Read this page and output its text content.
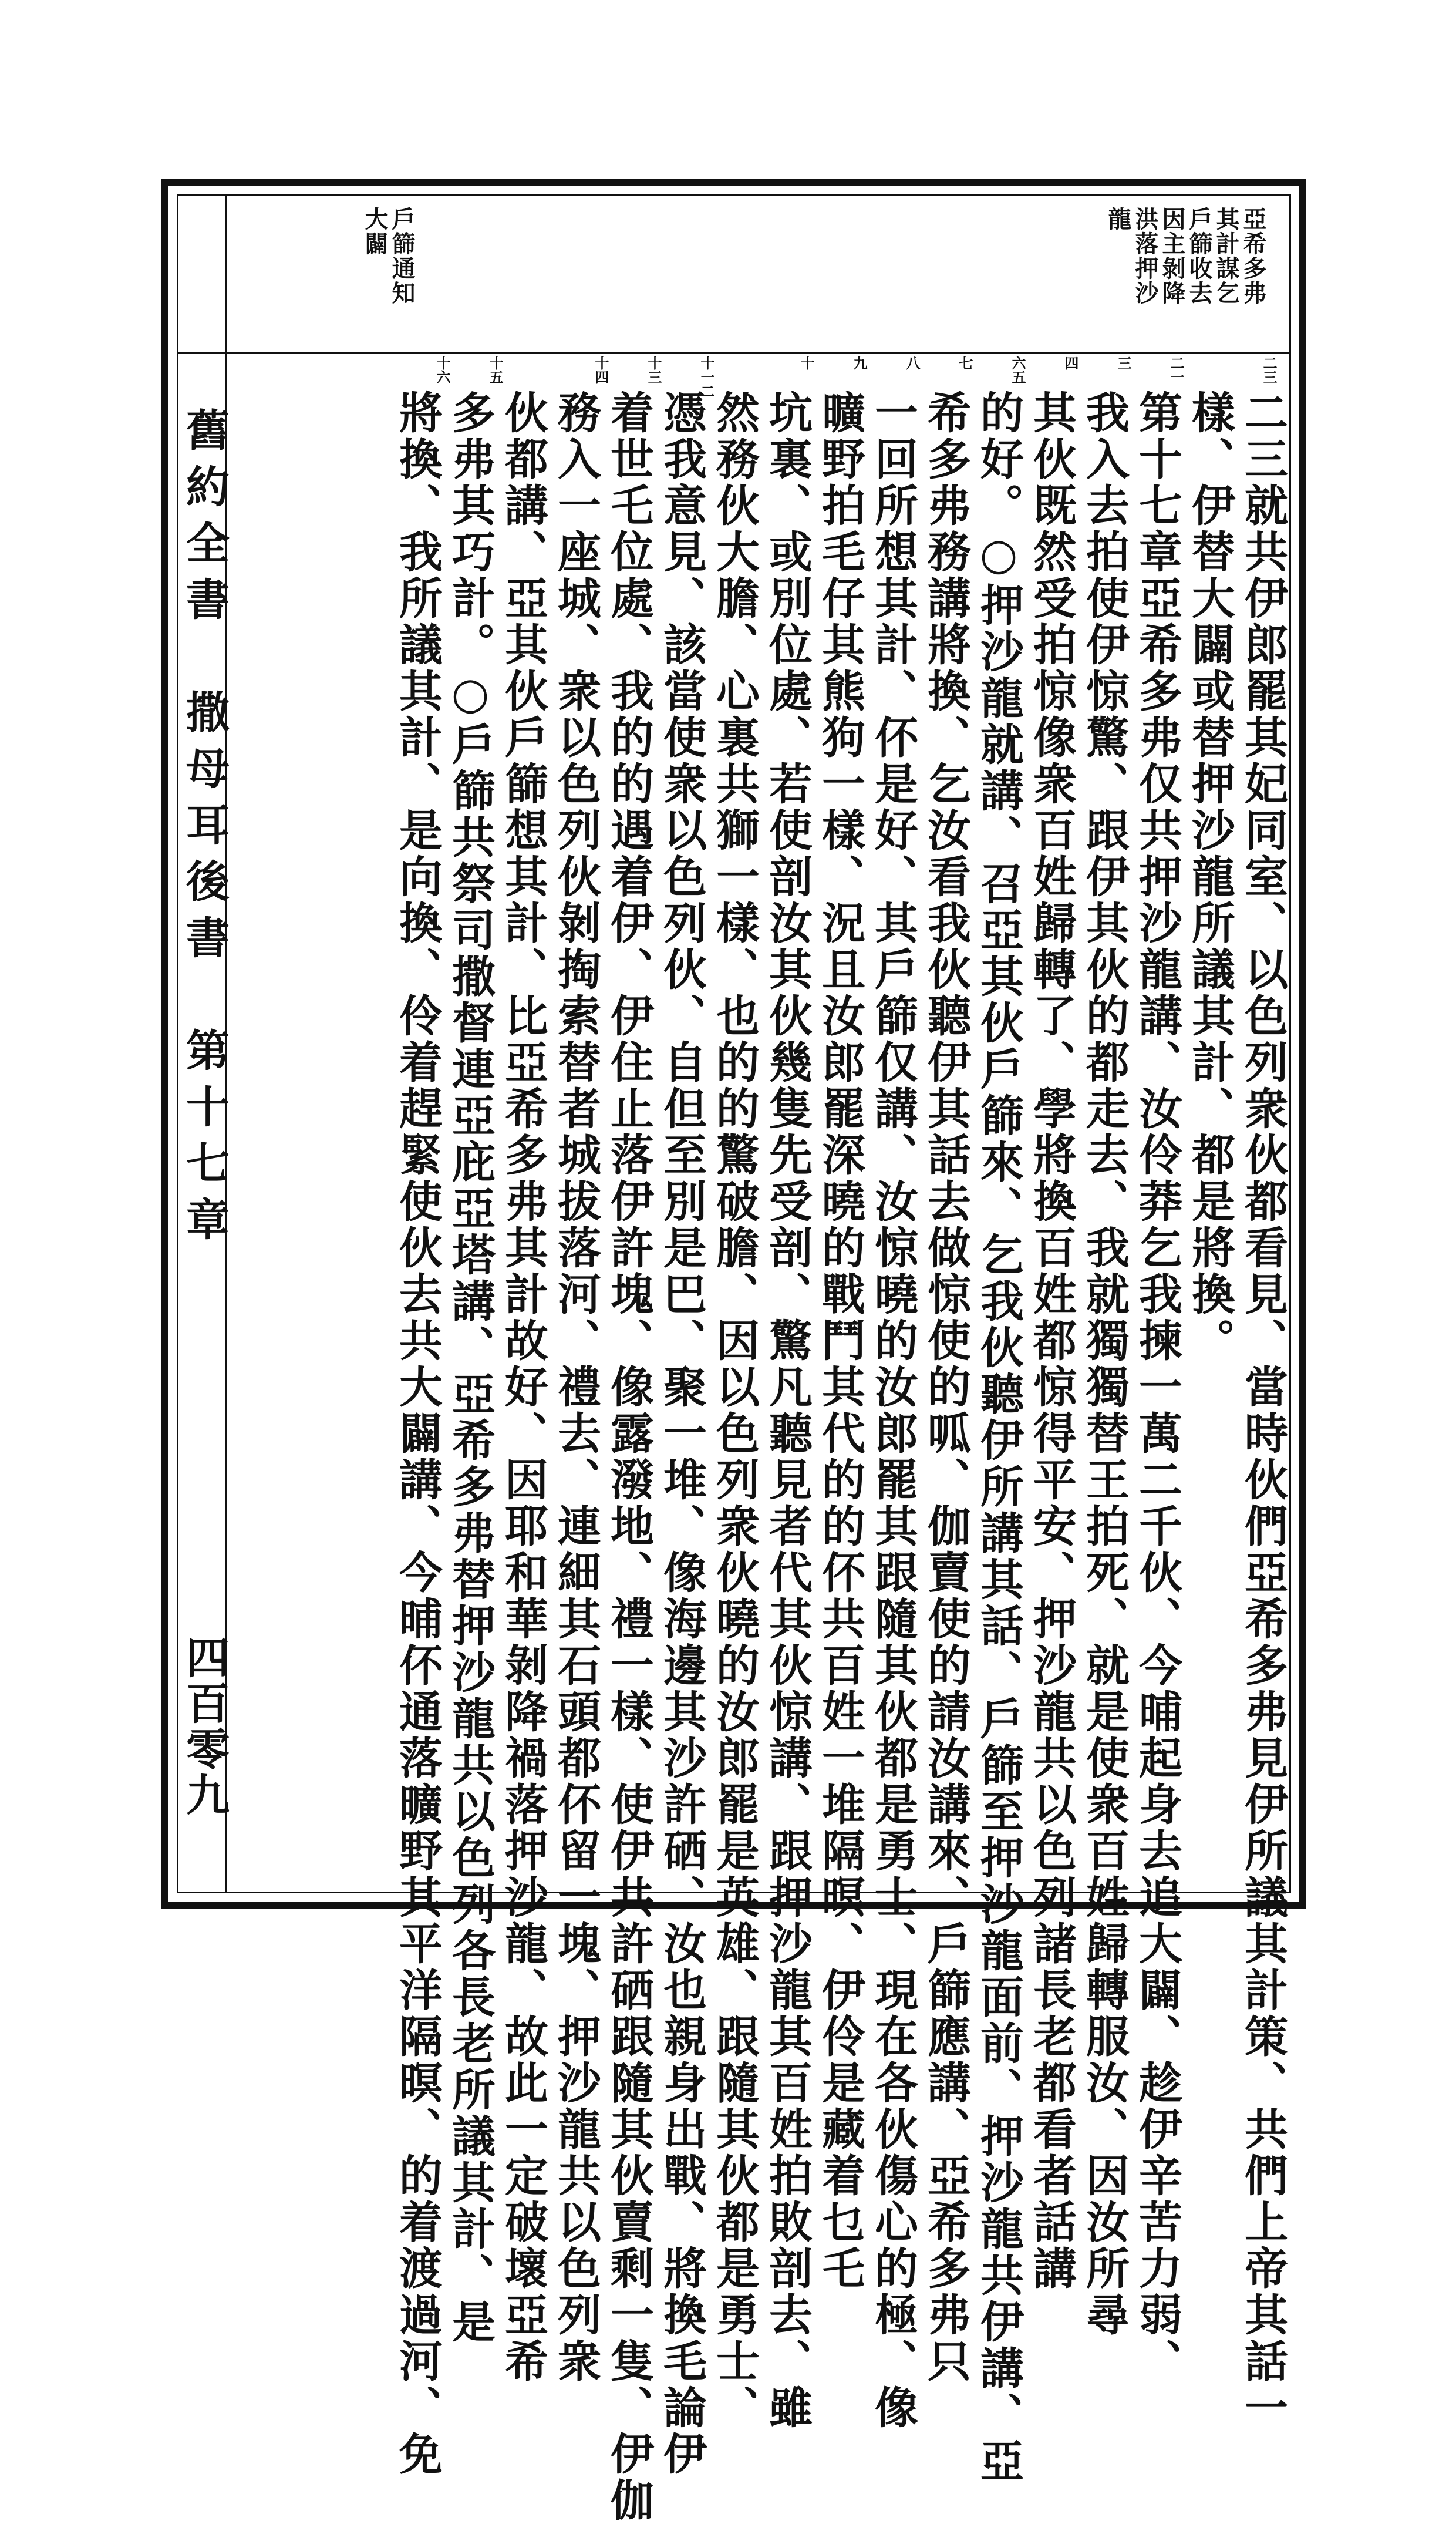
舊約全書　撒母耳後書　第十七章
四百零九
亞希多弗
其計謀乞
戶篩收去
因主剝降
洪落押沙
龍
戶篩通知
大闢
二三
二一
三
四
六五
七
八
九
十
十一二
十三
十四
十五
十六
二三就共伊郎罷其妃同室、以色列衆伙都看見、當時伙們亞希多弗見伊所議其計策、共們上帝其話一
樣、伊替大闢或替押沙龍所議其計、都是將換。
第十七章亞希多弗仅共押沙龍講、汝伶莽乞我揀一萬二千伙、今晡起身去追大闢、趁伊辛苦力弱、
我入去拍使伊惊驚、跟伊其伙的都走去、我就獨獨替王拍死、就是使衆百姓歸轉服汝、因汝所尋
其伙既然受拍惊像衆百姓歸轉了、學將換百姓都惊得平安、押沙龍共以色列諸長老都看者話講
的好。○押沙龍就講、召亞其伙戶篩來、乞我伙聽伊所講其話、戶篩至押沙龍面前、押沙龍共伊講、亞
希多弗務講將換、乞汝看我伙聽伊其話去做惊使的呱、伽賣使的請汝講來、戶篩應講、亞希多弗只
一回所想其計、伓是好、其戶篩仅講、汝惊曉的汝郎罷其跟隨其伙都是勇士、現在各伙傷心的極、像
曠野拍毛仔其熊狗一樣、況且汝郎罷深曉的戰鬥其代的的伓共百姓一堆隔暝、伊伶是藏着乜乇
坑裏、或別位處、若使剖汝其伙幾隻先受剖、驚凡聽見者代其伙惊講、跟押沙龍其百姓拍敗剖去、雖
然務伙大膽、心裏共獅一樣、也的的驚破膽、因以色列衆伙曉的汝郎罷是英雄、跟隨其伙都是勇士、
憑我意見、該當使衆以色列伙、自但至別是巴、聚一堆、像海邊其沙許硒、汝也親身出戰、將換毛論伊
着世乇位處、我的的遇着伊、伊住止落伊許塊、像露潑地、禮一樣、使伊共許硒跟隨其伙賣剩一隻、伊伽
務入一座城、衆以色列伙剝掏索替者城拔落河、禮去、連細其石頭都伓留一塊、押沙龍共以色列衆
伙都講、亞其伙戶篩想其計、比亞希多弗其計故好、因耶和華剝降禍落押沙龍、故此一定破壞亞希
多弗其巧計。○戶篩共祭司撒督連亞庇亞塔講、亞希多弗替押沙龍共以色列各長老所議其計、是
將換、我所議其計、是向換、伶着趕緊使伙去共大闢講、今晡伓通落曠野其平洋隔暝、的着渡過河、免
